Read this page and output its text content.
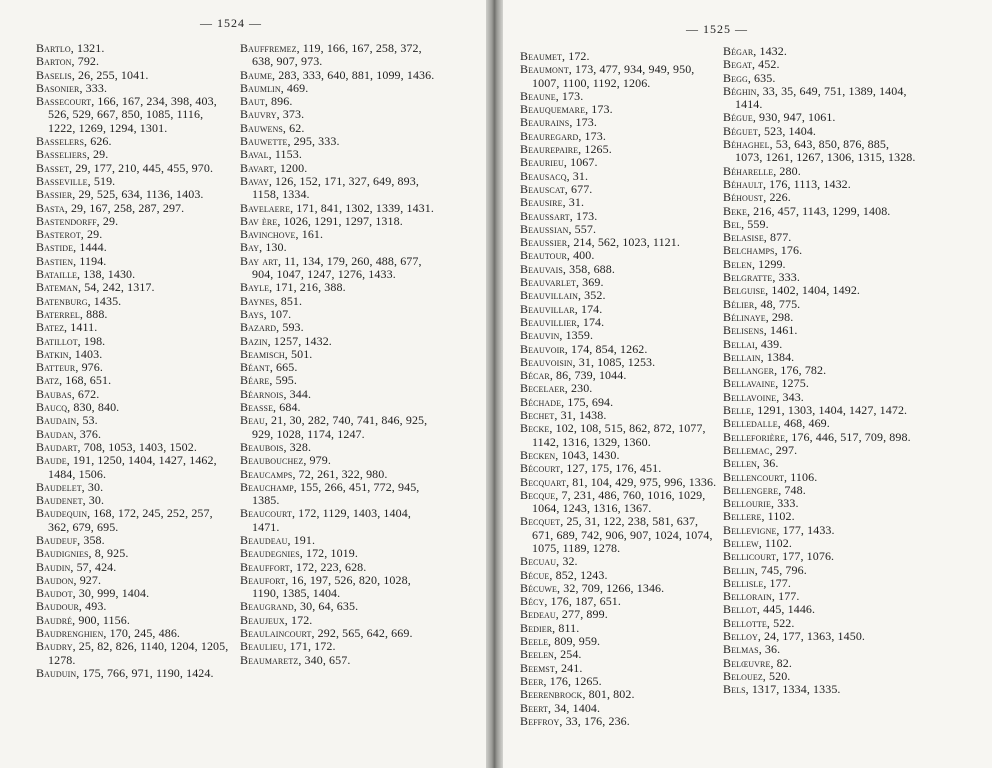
— 1524 —
Bartlo, 1321.
Barton, 792.
Baselis, 26, 255, 1041.
Basonier, 333.
Bassecourt, 166, 167, 234, 398, 403, 526, 529, 667, 850, 1085, 1116, 1222, 1269, 1294, 1301.
Basselers, 626.
Basseliers, 29.
Basset, 29, 177, 210, 445, 455, 970.
Basseville, 519.
Bassier, 29, 525, 634, 1136, 1403.
Basta, 29, 167, 258, 287, 297.
Bastendorff, 29.
Basterot, 29.
Bastide, 1444.
Bastien, 1194.
Bataille, 138, 1430.
Bateman, 54, 242, 1317.
Batenburg, 1435.
Baterrel, 888.
Batez, 1411.
Batillot, 198.
Batkin, 1403.
Batteur, 976.
Batz, 168, 651.
Baubas, 672.
Baucq, 830, 840.
Baudain, 53.
Baudan, 376.
Baudart, 708, 1053, 1403, 1502.
Baude, 191, 1250, 1404, 1427, 1462, 1484, 1506.
Baudelet, 30.
Baudenet, 30.
Baudequin, 168, 172, 245, 252, 257, 362, 679, 695.
Baudeuf, 358.
Baudignies, 8, 925.
Baudin, 57, 424.
Baudon, 927.
Baudot, 30, 999, 1404.
Baudour, 493.
Baudré, 900, 1156.
Baudrenghien, 170, 245, 486.
Baudry, 25, 82, 826, 1140, 1204, 1205, 1278.
Bauduin, 175, 766, 971, 1190, 1424.
Bauffremez, 119, 166, 167, 258, 372, 638, 907, 973.
Baume, 283, 333, 640, 881, 1099, 1436.
Baumlin, 469.
Baut, 896.
Bauvry, 373.
Bauwens, 62.
Bauwette, 295, 333.
Baval, 1153.
Bavart, 1200.
Bavay, 126, 152, 171, 327, 649, 893, 1158, 1334.
Bavelaere, 171, 841, 1302, 1339, 1431.
Bav ère, 1026, 1291, 1297, 1318.
Bavinchove, 161.
Bay, 130.
Bay art, 11, 134, 179, 260, 488, 677, 904, 1047, 1247, 1276, 1433.
Bayle, 171, 216, 388.
Baynes, 851.
Bays, 107.
Bazard, 593.
Bazin, 1257, 1432.
Beamisch, 501.
Béant, 665.
Béare, 595.
Béarnois, 344.
Beasse, 684.
Beau, 21, 30, 282, 740, 741, 846, 925, 929, 1028, 1174, 1247.
Beaubois, 328.
Beaubouchez, 979.
Beaucamps, 72, 261, 322, 980.
Beauchamp, 155, 266, 451, 772, 945, 1385.
Beaucourt, 172, 1129, 1403, 1404, 1471.
Beaudeau, 191.
Beaudegnies, 172, 1019.
Beauffort, 172, 223, 628.
Beaufort, 16, 197, 526, 820, 1028, 1190, 1385, 1404.
Beaugrand, 30, 64, 635.
Beaujeux, 172.
Beaulaincourt, 292, 565, 642, 669.
Beaulieu, 171, 172.
Beaumaretz, 340, 657.
— 1525 —
Beaumet, 172.
Beaumont, 173, 477, 934, 949, 950, 1007, 1100, 1192, 1206.
Beaune, 173.
Beauquemare, 173.
Beaurains, 173.
Beauregard, 173.
Beaurepaire, 1265.
Beaurieu, 1067.
Beausacq, 31.
Beauscat, 677.
Beausire, 31.
Beaussart, 173.
Beaussian, 557.
Beaussier, 214, 562, 1023, 1121.
Beautour, 400.
Beauvais, 358, 688.
Beauvarlet, 369.
Beauvillain, 352.
Beauvillar, 174.
Beauvillier, 174.
Beauvin, 1359.
Beauvoir, 174, 854, 1262.
Beauvoisin, 31, 1085, 1253.
Bécar, 86, 739, 1044.
Becelaer, 230.
Béchade, 175, 694.
Bechet, 31, 1438.
Becke, 102, 108, 515, 862, 872, 1077, 1142, 1316, 1329, 1360.
Becken, 1043, 1430.
Bécourt, 127, 175, 176, 451.
Becquart, 81, 104, 429, 975, 996, 1336.
Becque, 7, 231, 486, 760, 1016, 1029, 1064, 1243, 1316, 1367.
Becquet, 25, 31, 122, 238, 581, 637, 671, 689, 742, 906, 907, 1024, 1074, 1075, 1189, 1278.
Becuau, 32.
Bécue, 852, 1243.
Bécuwe, 32, 709, 1266, 1346.
Bécy, 176, 187, 651.
Bedeau, 277, 899.
Bedier, 811.
Beele, 809, 959.
Beelen, 254.
Beemst, 241.
Beer, 176, 1265.
Beerenbrock, 801, 802.
Beert, 34, 1404.
Beffroy, 33, 176, 236.
Bégar, 1432.
Begat, 452.
Begg, 635.
Béghin, 33, 35, 649, 751, 1389, 1404, 1414.
Bégue, 930, 947, 1061.
Béguet, 523, 1404.
Béhaghel, 53, 643, 850, 876, 885, 1073, 1261, 1267, 1306, 1315, 1328.
Béharelle, 280.
Béhault, 176, 1113, 1432.
Béhoust, 226.
Beke, 216, 457, 1143, 1299, 1408.
Bel, 559.
Belasise, 877.
Belchamps, 176.
Belen, 1299.
Belgratte, 333.
Belguise, 1402, 1404, 1492.
Bélier, 48, 775.
Bélinaye, 298.
Belisens, 1461.
Bellai, 439.
Bellain, 1384.
Bellanger, 176, 782.
Bellavaine, 1275.
Bellavoine, 343.
Belle, 1291, 1303, 1404, 1427, 1472.
Belledalle, 468, 469.
Belleforière, 176, 446, 517, 709, 898.
Bellemac, 297.
Bellen, 36.
Bellencourt, 1106.
Bellengere, 748.
Bellourie, 333.
Bellere, 1102.
Bellevigne, 177, 1433.
Bellew, 1102.
Bellicourt, 177, 1076.
Bellin, 745, 796.
Bellisle, 177.
Bellorain, 177.
Bellot, 445, 1446.
Bellotte, 522.
Belloy, 24, 177, 1363, 1450.
Belmas, 36.
Belœuvre, 82.
Belouez, 520.
Bels, 1317, 1334, 1335.
